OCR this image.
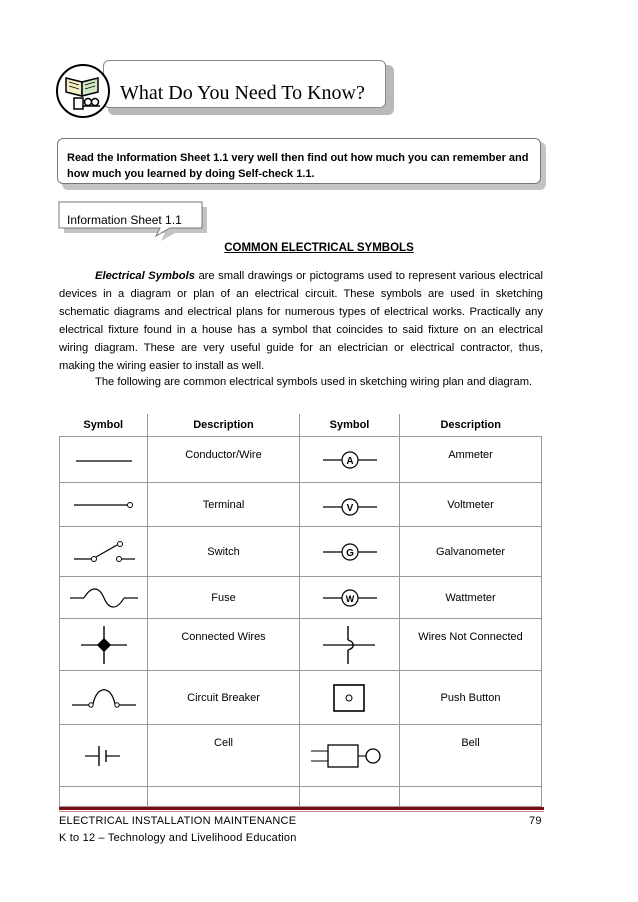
What Do You Need To Know?
Read the Information Sheet 1.1 very well then find out how much you can remember and how much you learned by doing Self-check 1.1.
Information Sheet 1.1
COMMON ELECTRICAL SYMBOLS
Electrical Symbols are small drawings or pictograms used to represent various electrical devices in a diagram or plan of an electrical circuit. These symbols are used in sketching schematic diagrams and electrical plans for numerous types of electrical works. Practically any electrical fixture found in a house has a symbol that coincides to said fixture on an electrical wiring diagram. These are very useful guide for an electrician or electrical contractor, thus, making the wiring easier to install as well.
The following are common electrical symbols used in sketching wiring plan and diagram.
Symbol	Description	Symbol	Description

	Conductor/Wire	A	Ammeter

	Terminal	V	Voltmeter

	Switch	G	Galvanometer

	Fuse	W	Wattmeter

	Connected Wires		Wires Not Connected

	Circuit Breaker		Push Button

	Cell		Bell

ELECTRICAL INSTALLATION MAINTENANCE	79
K to 12 – Technology and Livelihood Education
